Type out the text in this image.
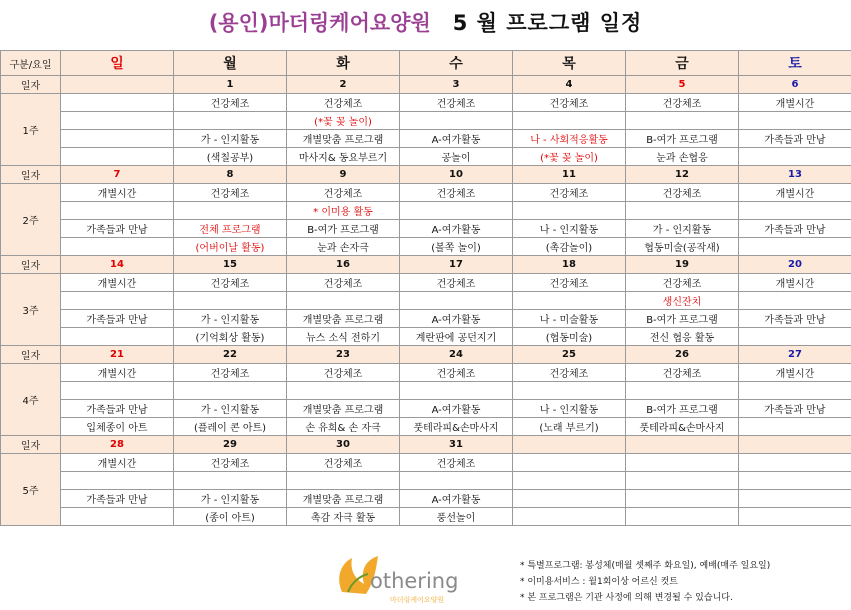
(용인)마더링케어요양원 5 월 프로그램 일정
구분/요일	일	월	화	수	목	금	토
일자		1	2	3	4	5	6
1주		건강체조	건강체조	건강체조	건강체조	건강체조	개별시간
			(*꽃 꽂 놀이)				
		가 - 인지활동	개별맞춤 프로그램	A-여가활동	나 - 사회적응활동	B-여가 프로그램	가족들과 만남
		(색칠공부)	마사지& 동요부르기	공놀이	(*꽃 꽂 놀이)	눈과 손협응	
일자	7	8	9	10	11	12	13
2주	개별시간	건강체조	건강체조	건강체조	건강체조	건강체조	개별시간
			* 이미용 활동				
	가족들과 만남	전체 프로그램	B-여가 프로그램	A-여가활동	나 - 인지활동	가 - 인지활동	가족들과 만남
		(어버이날 활동)	눈과 손자극	(볼쪽 놀이)	(촉감놀이)	협동미술(공작새)	
일자	14	15	16	17	18	19	20
3주	개별시간	건강체조	건강체조	건강체조	건강체조	건강체조	개별시간
						생신잔치	
	가족들과 만남	가 - 인지활동	개별맞춤 프로그램	A-여가활동	나 - 미술활동	B-여가 프로그램	가족들과 만남
		(기억회상 활동)	뉴스 소식 전하기	계란판에 공던지기	(협동미술)	전신 협응 활동	
일자	21	22	23	24	25	26	27
4주	개별시간	건강체조	건강체조	건강체조	건강체조	건강체조	개별시간

	가족들과 만남	가 - 인지활동	개별맞춤 프로그램	A-여가활동	나 - 인지활동	B-여가 프로그램	가족들과 만남
	입체종이 아트	(플레이 콘 아트)	손 유희& 손 자극	풋테라피&손마사지	(노래 부르기)	풋테라피&손마사지	
일자	28	29	30	31			
5주	개별시간	건강체조	건강체조	건강체조			

	가족들과 만남	가 - 인지활동	개별맞춤 프로그램	A-여가활동			
		(종이 아트)	촉감 자극 활동	풍선놀이			
othering
마더링케어요양원
* 특별프로그램: 봉성체(매월 셋째주 화요일), 예배(매주 일요일)
* 이미용서비스 : 월1회이상 어르신 컷트
* 본 프로그램은 기관 사정에 의해 변경될 수 있습니다.
